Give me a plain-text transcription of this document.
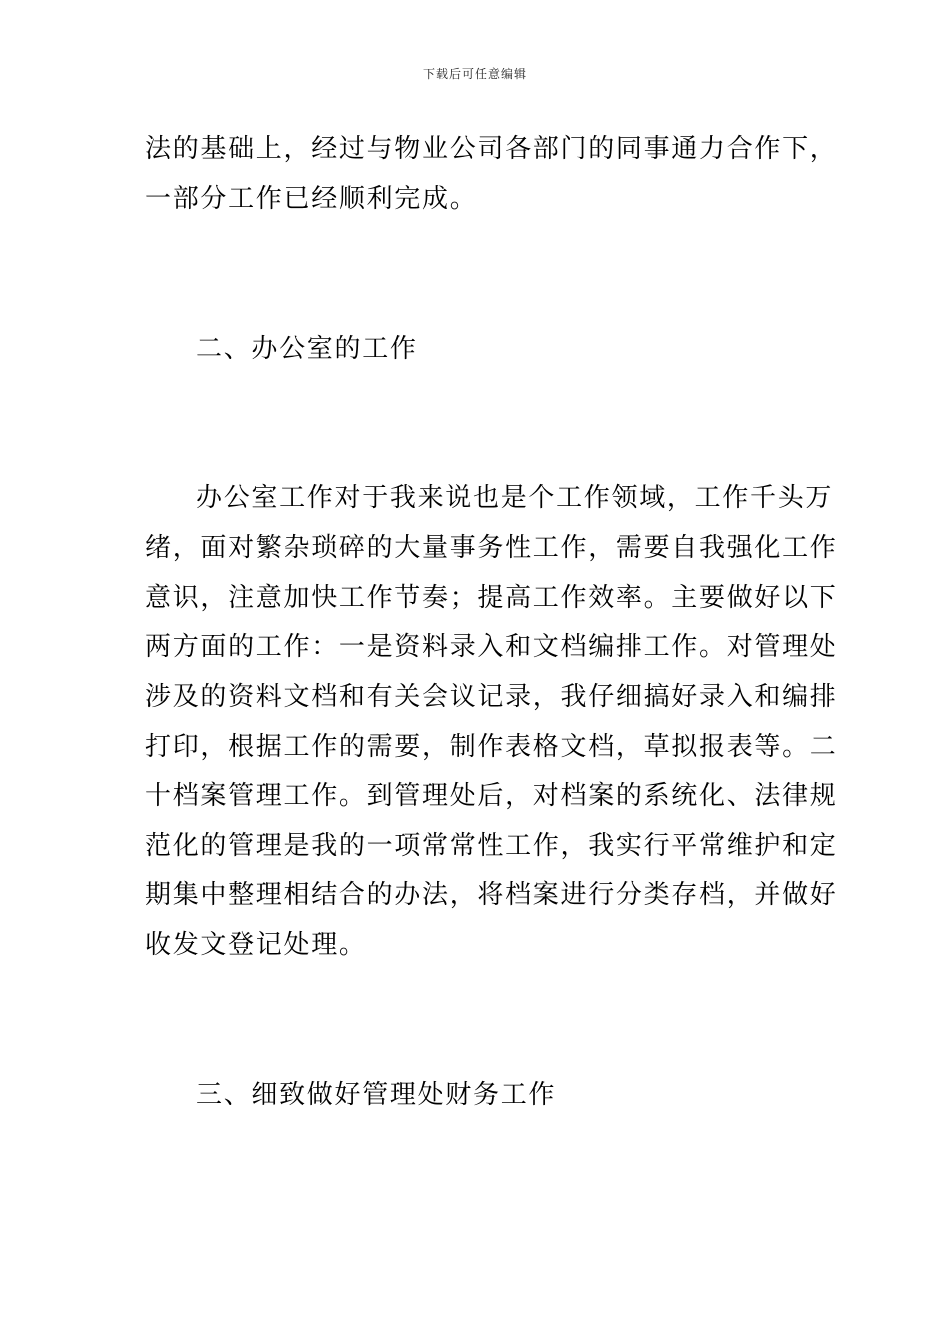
下载后可任意编辑
法的基础上，经过与物业公司各部门的同事通力合作下，
一部分工作已经顺利完成。
二、办公室的工作
办公室工作对于我来说也是个工作领域，工作千头万
绪，面对繁杂琐碎的大量事务性工作，需要自我强化工作
意识，注意加快工作节奏；提高工作效率。主要做好以下
两方面的工作：一是资料录入和文档编排工作。对管理处
涉及的资料文档和有关会议记录，我仔细搞好录入和编排
打印，根据工作的需要，制作表格文档，草拟报表等。二
十档案管理工作。到管理处后，对档案的系统化、法律规
范化的管理是我的一项常常性工作，我实行平常维护和定
期集中整理相结合的办法，将档案进行分类存档，并做好
收发文登记处理。
三、细致做好管理处财务工作
